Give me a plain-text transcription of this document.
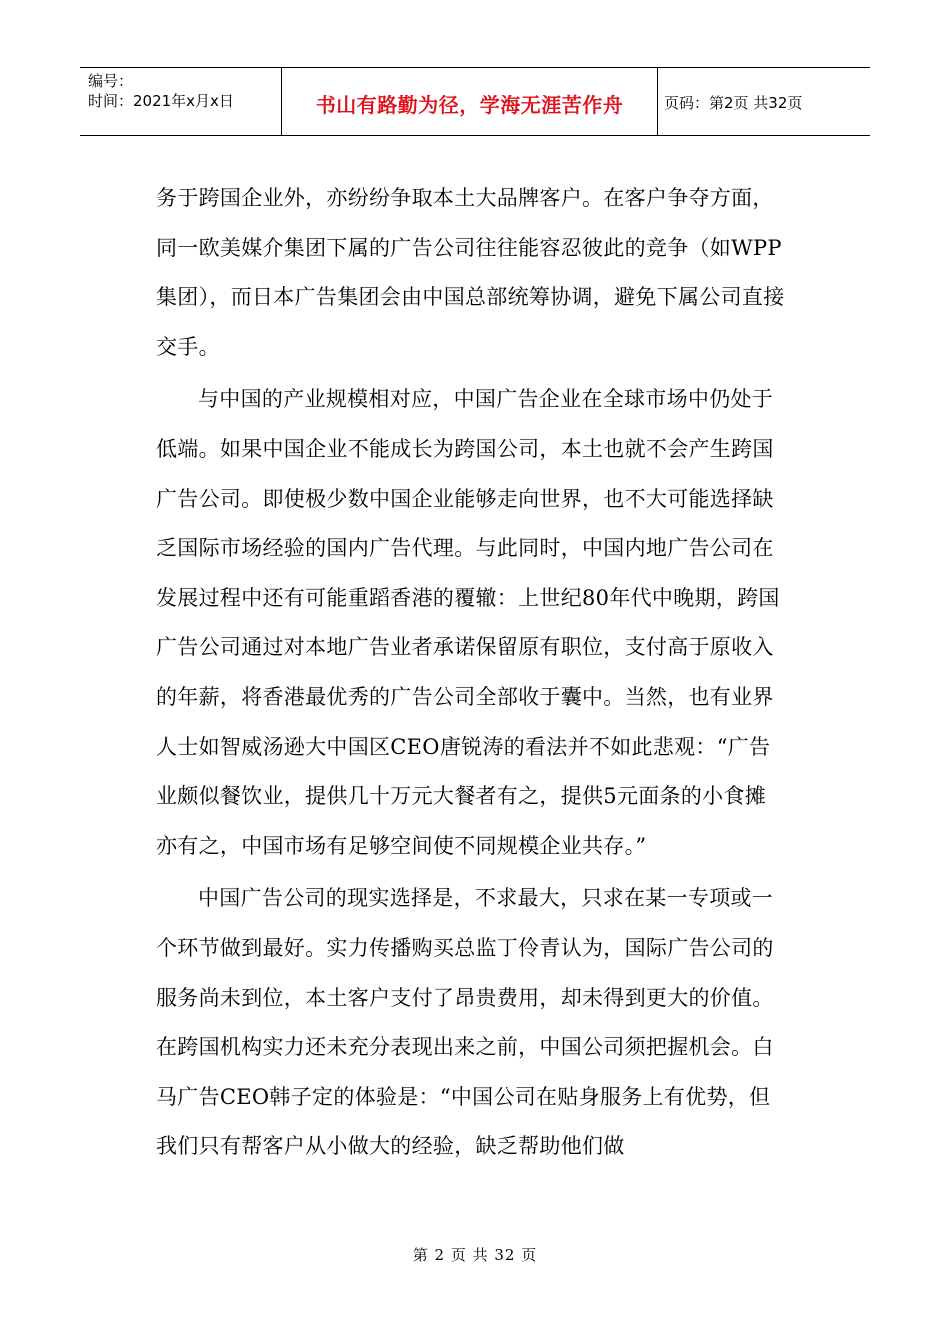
编号：
时间：2021年x月x日	书山有路勤为径，学海无涯苦作舟	页码：第2页 共32页

务于跨国企业外，亦纷纷争取本土大品牌客户。在客户争夺方面，同一欧美媒介集团下属的广告公司往往能容忍彼此的竞争（如WPP集团），而日本广告集团会由中国总部统筹协调，避免下属公司直接交手。

与中国的产业规模相对应，中国广告企业在全球市场中仍处于低端。如果中国企业不能成长为跨国公司，本土也就不会产生跨国广告公司。即使极少数中国企业能够走向世界，也不大可能选择缺乏国际市场经验的国内广告代理。与此同时，中国内地广告公司在发展过程中还有可能重蹈香港的覆辙：上世纪80年代中晚期，跨国广告公司通过对本地广告业者承诺保留原有职位，支付高于原收入的年薪，将香港最优秀的广告公司全部收于囊中。当然，也有业界人士如智威汤逊大中国区CEO唐锐涛的看法并不如此悲观：“广告业颇似餐饮业，提供几十万元大餐者有之，提供5元面条的小食摊亦有之，中国市场有足够空间使不同规模企业共存。”

中国广告公司的现实选择是，不求最大，只求在某一专项或一个环节做到最好。实力传播购买总监丁伶青认为，国际广告公司的服务尚未到位，本土客户支付了昂贵费用，却未得到更大的价值。在跨国机构实力还未充分表现出来之前，中国公司须把握机会。白马广告CEO韩子定的体验是：“中国公司在贴身服务上有优势，但我们只有帮客户从小做大的经验，缺乏帮助他们做

第 2 页 共 32 页
